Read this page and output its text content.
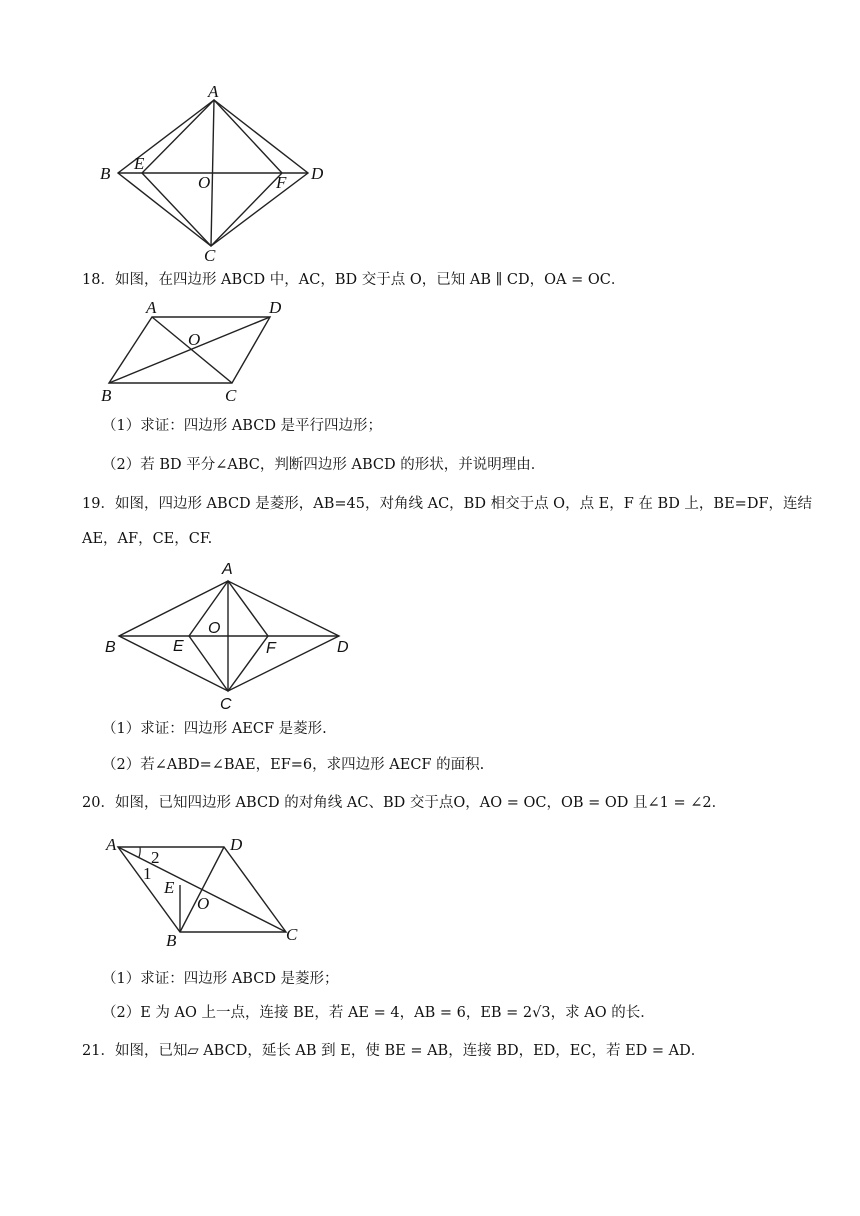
A
B
C
D
E
F
O
18．如图，在四边形 ABCD 中，AC，BD 交于点 O，已知 AB ∥ CD，OA = OC．
A	D
B	C
O
（1）求证：四边形 ABCD 是平行四边形；
（2）若 BD 平分∠ABC，判断四边形 ABCD 的形状，并说明理由．
19．如图，四边形 ABCD 是菱形，AB=45，对角线 AC，BD 相交于点 O，点 E，F 在 BD 上，BE=DF，连结
AE，AF，CE，CF.
A
B
C
D
E	F
O
（1）求证：四边形 AECF 是菱形.
（2）若∠ABD=∠BAE，EF=6，求四边形 AECF 的面积.
20．如图，已知四边形 ABCD 的对角线 AC、BD 交于点O，AO = OC，OB = OD 且∠1 = ∠2．
A	D
B	C
E
O
2
1
（1）求证：四边形 ABCD 是菱形；
（2）E 为 AO 上一点，连接 BE，若 AE = 4，AB = 6，EB = 2√3，求 AO 的长．
21．如图，已知▱ ABCD，延长 AB 到 E，使 BE = AB，连接 BD，ED，EC，若 ED = AD．
